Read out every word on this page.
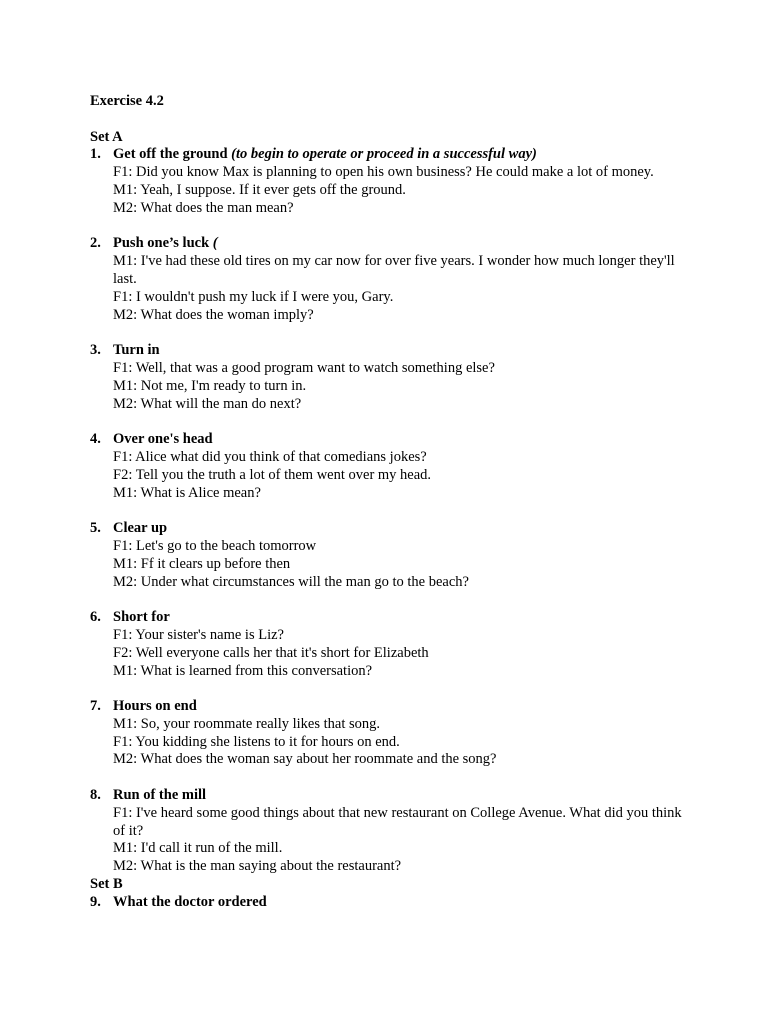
Exercise 4.2
Set A
1. Get off the ground (to begin to operate or proceed in a successful way)
F1: Did you know Max is planning to open his own business? He could make a lot of money.
M1: Yeah, I suppose. If it ever gets off the ground.
M2: What does the man mean?
2. Push one’s luck (
M1: I've had these old tires on my car now for over five years. I wonder how much longer they'll last.
F1: I wouldn't push my luck if I were you, Gary.
M2: What does the woman imply?
3. Turn in
F1: Well, that was a good program want to watch something else?
M1: Not me, I'm ready to turn in.
M2: What will the man do next?
4. Over one's head
F1: Alice what did you think of that comedians jokes?
F2: Tell you the truth a lot of them went over my head.
M1: What is Alice mean?
5. Clear up
F1: Let's go to the beach tomorrow
M1: Ff it clears up before then
M2: Under what circumstances will the man go to the beach?
6. Short for
F1: Your sister's name is Liz?
F2: Well everyone calls her that it's short for Elizabeth
M1: What is learned from this conversation?
7. Hours on end
M1: So, your roommate really likes that song.
F1: You kidding she listens to it for hours on end.
M2: What does the woman say about her roommate and the song?
8. Run of the mill
F1: I've heard some good things about that new restaurant on College Avenue. What did you think of it?
M1: I'd call it run of the mill.
M2: What is the man saying about the restaurant?
Set B
9. What the doctor ordered
